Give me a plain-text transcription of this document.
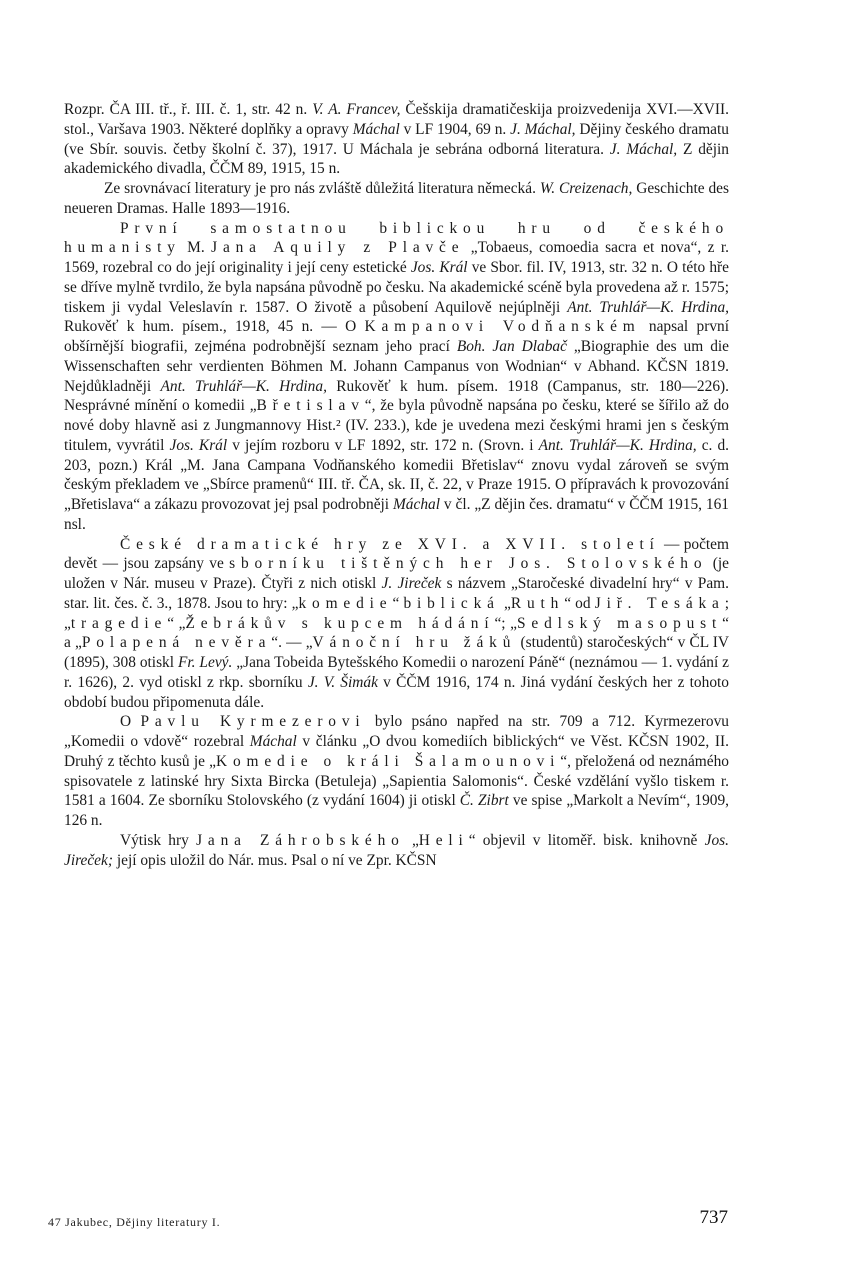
Rozpr. ČA III. tř., ř. III. č. 1, str. 42 n. V. A. Francev, Češskija dramatičeskija proizvedenija XVI.—XVII. stol., Varšava 1903. Některé doplňky a opravy Máchal v LF 1904, 69 n. J. Máchal, Dějiny českého dramatu (ve Sbír. souvis. četby školní č. 37), 1917. U Máchala je sebrána odborná literatura. J. Máchal, Z dějin akademického divadla, ČČM 89, 1915, 15 n.

Ze srovnávací literatury je pro nás zvláště důležitá literatura německá. W. Creizenach, Geschichte des neueren Dramas. Halle 1893—1916.

První samostatnou biblickou hru od českého humanisty M. Jana Aquily z Plavče „Tobaeus, comoedia sacra et nova“, z r. 1569, rozebral co do její originality i její ceny estetické Jos. Král ve Sbor. fil. IV, 1913, str. 32 n. O této hře se dříve mylně tvrdilo, že byla napsána původně po česku. Na akademické scéně byla provedena až r. 1575; tiskem ji vydal Veleslavín r. 1587. O životě a působení Aquilově nejúplněji Ant. Truhlář—K. Hrdina, Rukověť k hum. písem., 1918, 45 n. — O Kampanovi Vodňanském napsal první obšírnější biografii, zejména podrobnější seznam jeho prací Boh. Jan Dlabač „Biographie des um die Wissenschaften sehr verdienten Böhmen M. Johann Campanus von Wodnian“ v Abhand. KČSN 1819. Nejdůkladněji Ant. Truhlář—K. Hrdina, Rukověť k hum. písem. 1918 (Campanus, str. 180—226). Nesprávné mínění o komedii „Břetislav“, že byla původně napsána po česku, které se šířilo až do nové doby hlavně asi z Jungmannovy Hist.² (IV. 233.), kde je uvedena mezi českými hrami jen s českým titulem, vyvrátil Jos. Král v jejím rozboru v LF 1892, str. 172 n. (Srovn. i Ant. Truhlář—K. Hrdina, c. d. 203, pozn.) Král „M. Jana Campana Vodňanského komedii Břetislav“ znovu vydal zároveň se svým českým překladem ve „Sbírce pramenů“ III. tř. ČA, sk. II, č. 22, v Praze 1915. O přípravách k provozování „Břetislava“ a zákazu provozovat jej psal podrobněji Máchal v čl. „Z dějin čes. dramatu“ v ČČM 1915, 161 nsl.

České dramatické hry ze XVI. a XVII. století — počtem devět — jsou zapsány ve sborníku tištěných her Jos. Stolovského (je uložen v Nár. museu v Praze). Čtyři z nich otiskl J. Jireček s názvem „Staročeské divadelní hry“ v Pam. star. lit. čes. č. 3., 1878. Jsou to hry: „komedie“ biblická „Ruth“ od Jiř. Tesáka; „tragedie“ „Žebrákův s kupcem hádání“; „Sedlský masopust“ a „Polapená nevěra“. — „Vánoční hru žáků (studentů) staročeských“ v ČL IV (1895), 308 otiskl Fr. Levý. „Jana Tobeida Bytešského Komedii o narození Páně“ (neznámou — 1. vydání z r. 1626), 2. vyd otiskl z rkp. sborníku J. V. Šimák v ČČM 1916, 174 n. Jiná vydání českých her z tohoto období budou připomenuta dále.

O Pavlu Kyrmezerovi bylo psáno napřed na str. 709 a 712. Kyrmezerovu „Komedii o vdově“ rozebral Máchal v článku „O dvou komediích biblických“ ve Věst. KČSN 1902, II. Druhý z těchto kusů je „Komedie o králi Šalamounovi“, přeložená od neznámého spisovatele z latinské hry Sixta Bircka (Betuleja) „Sapientia Salomonis“. České vzdělání vyšlo tiskem r. 1581 a 1604. Ze sborníku Stolovského (z vydání 1604) ji otiskl Č. Zibrt ve spise „Markolt a Nevím“, 1909, 126 n.

Výtisk hry Jana Záhrobského „Heli“ objevil v litoměř. bisk. knihovně Jos. Jireček; její opis uložil do Nár. mus. Psal o ní ve Zpr. KČSN

47 Jakubec, Dějiny literatury I.	737
